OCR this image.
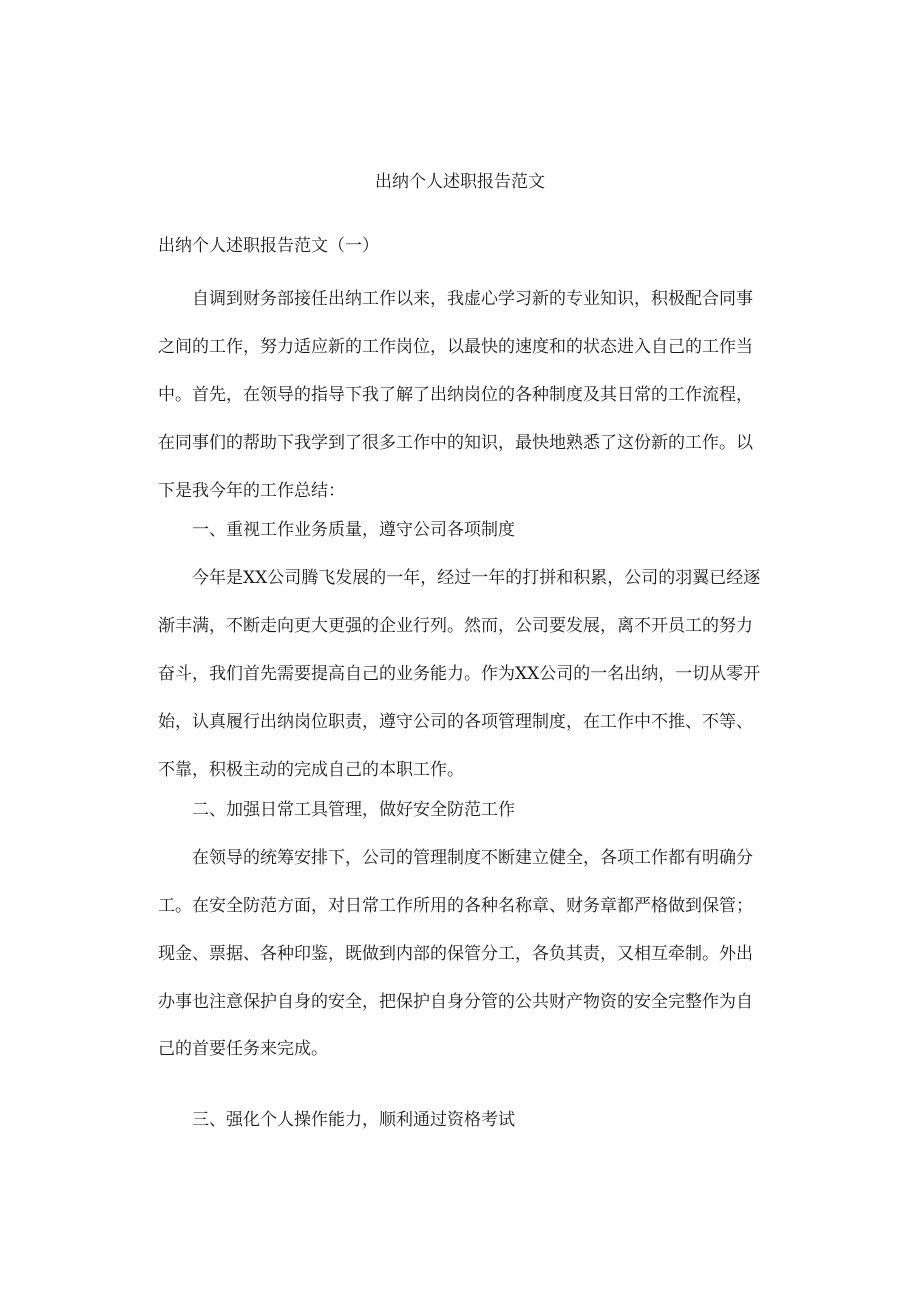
出纳个人述职报告范文
出纳个人述职报告范文（一）
自调到财务部接任出纳工作以来，我虚心学习新的专业知识，积极配合同事
之间的工作，努力适应新的工作岗位，以最快的速度和的状态进入自己的工作当
中。首先，在领导的指导下我了解了出纳岗位的各种制度及其日常的工作流程，
在同事们的帮助下我学到了很多工作中的知识，最快地熟悉了这份新的工作。以
下是我今年的工作总结：
一、重视工作业务质量，遵守公司各项制度
今年是XX公司腾飞发展的一年，经过一年的打拼和积累，公司的羽翼已经逐
渐丰满，不断走向更大更强的企业行列。然而，公司要发展，离不开员工的努力
奋斗，我们首先需要提高自己的业务能力。作为XX公司的一名出纳，一切从零开
始，认真履行出纳岗位职责，遵守公司的各项管理制度，在工作中不推、不等、
不靠，积极主动的完成自己的本职工作。
二、加强日常工具管理，做好安全防范工作
在领导的统筹安排下，公司的管理制度不断建立健全，各项工作都有明确分
工。在安全防范方面，对日常工作所用的各种名称章、财务章都严格做到保管；
现金、票据、各种印鉴，既做到内部的保管分工，各负其责，又相互牵制。外出
办事也注意保护自身的安全，把保护自身分管的公共财产物资的安全完整作为自
己的首要任务来完成。
三、强化个人操作能力，顺利通过资格考试
